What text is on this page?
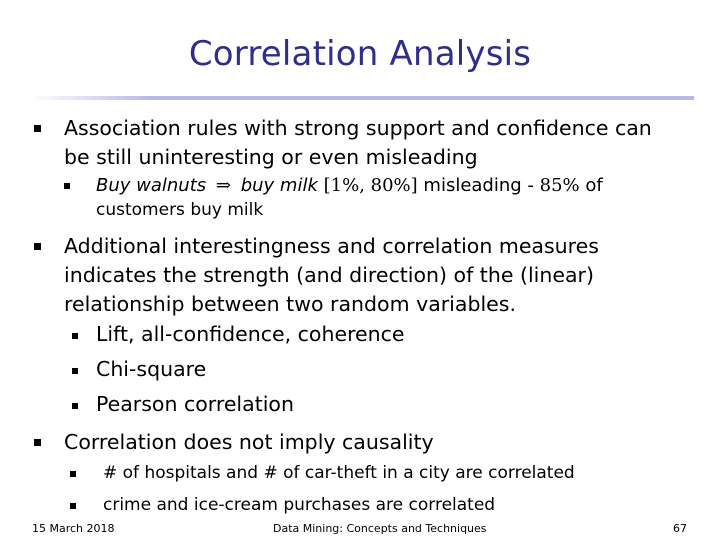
Correlation Analysis
Association rules with strong support and confidence can
be still uninteresting or even misleading
Buy walnuts ⇒ buy milk [1%, 80%] misleading - 85% of
customers buy milk
Additional interestingness and correlation measures
indicates the strength (and direction) of the (linear)
relationship between two random variables.
Lift, all-confidence, coherence
Chi-square
Pearson correlation
Correlation does not imply causality
# of hospitals and # of car-theft in a city are correlated
crime and ice-cream purchases are correlated
15 March 2018	Data Mining: Concepts and Techniques	67
